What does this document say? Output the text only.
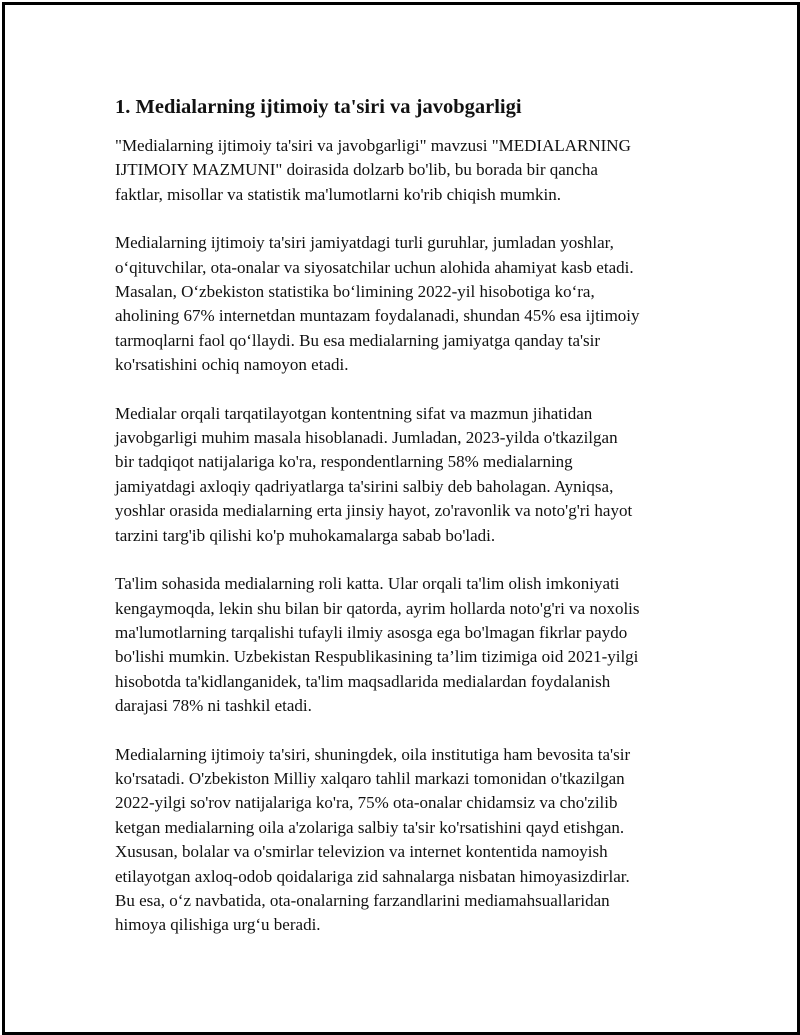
1. Medialarning ijtimoiy ta'siri va javobgarligi

"Medialarning ijtimoiy ta'siri va javobgarligi" mavzusi "MEDIALARNING
IJTIMOIY MAZMUNI" doirasida dolzarb bo'lib, bu borada bir qancha
faktlar, misollar va statistik ma'lumotlarni ko'rib chiqish mumkin.

Medialarning ijtimoiy ta'siri jamiyatdagi turli guruhlar, jumladan yoshlar,
o‘qituvchilar, ota-onalar va siyosatchilar uchun alohida ahamiyat kasb etadi.
Masalan, O‘zbekiston statistika bo‘limining 2022-yil hisobotiga ko‘ra,
aholining 67% internetdan muntazam foydalanadi, shundan 45% esa ijtimoiy
tarmoqlarni faol qo‘llaydi. Bu esa medialarning jamiyatga qanday ta'sir
ko'rsatishini ochiq namoyon etadi.

Medialar orqali tarqatilayotgan kontentning sifat va mazmun jihatidan
javobgarligi muhim masala hisoblanadi. Jumladan, 2023-yilda o'tkazilgan
bir tadqiqot natijalariga ko'ra, respondentlarning 58% medialarning
jamiyatdagi axloqiy qadriyatlarga ta'sirini salbiy deb baholagan. Ayniqsa,
yoshlar orasida medialarning erta jinsiy hayot, zo'ravonlik va noto'g'ri hayot
tarzini targ'ib qilishi ko'p muhokamalarga sabab bo'ladi.

Ta'lim sohasida medialarning roli katta. Ular orqali ta'lim olish imkoniyati
kengaymoqda, lekin shu bilan bir qatorda, ayrim hollarda noto'g'ri va noxolis
ma'lumotlarning tarqalishi tufayli ilmiy asosga ega bo'lmagan fikrlar paydo
bo'lishi mumkin. Uzbekistan Respublikasining ta’lim tizimiga oid 2021-yilgi
hisobotda ta'kidlanganidek, ta'lim maqsadlarida medialardan foydalanish
darajasi 78% ni tashkil etadi.

Medialarning ijtimoiy ta'siri, shuningdek, oila institutiga ham bevosita ta'sir
ko'rsatadi. O'zbekiston Milliy xalqaro tahlil markazi tomonidan o'tkazilgan
2022-yilgi so'rov natijalariga ko'ra, 75% ota-onalar chidamsiz va cho'zilib
ketgan medialarning oila a'zolariga salbiy ta'sir ko'rsatishini qayd etishgan.
Xususan, bolalar va o'smirlar televizion va internet kontentida namoyish
etilayotgan axloq-odob qoidalariga zid sahnalarga nisbatan himoyasizdirlar.
Bu esa, o‘z navbatida, ota-onalarning farzandlarini mediamahsuallaridan
himoya qilishiga urg‘u beradi.
